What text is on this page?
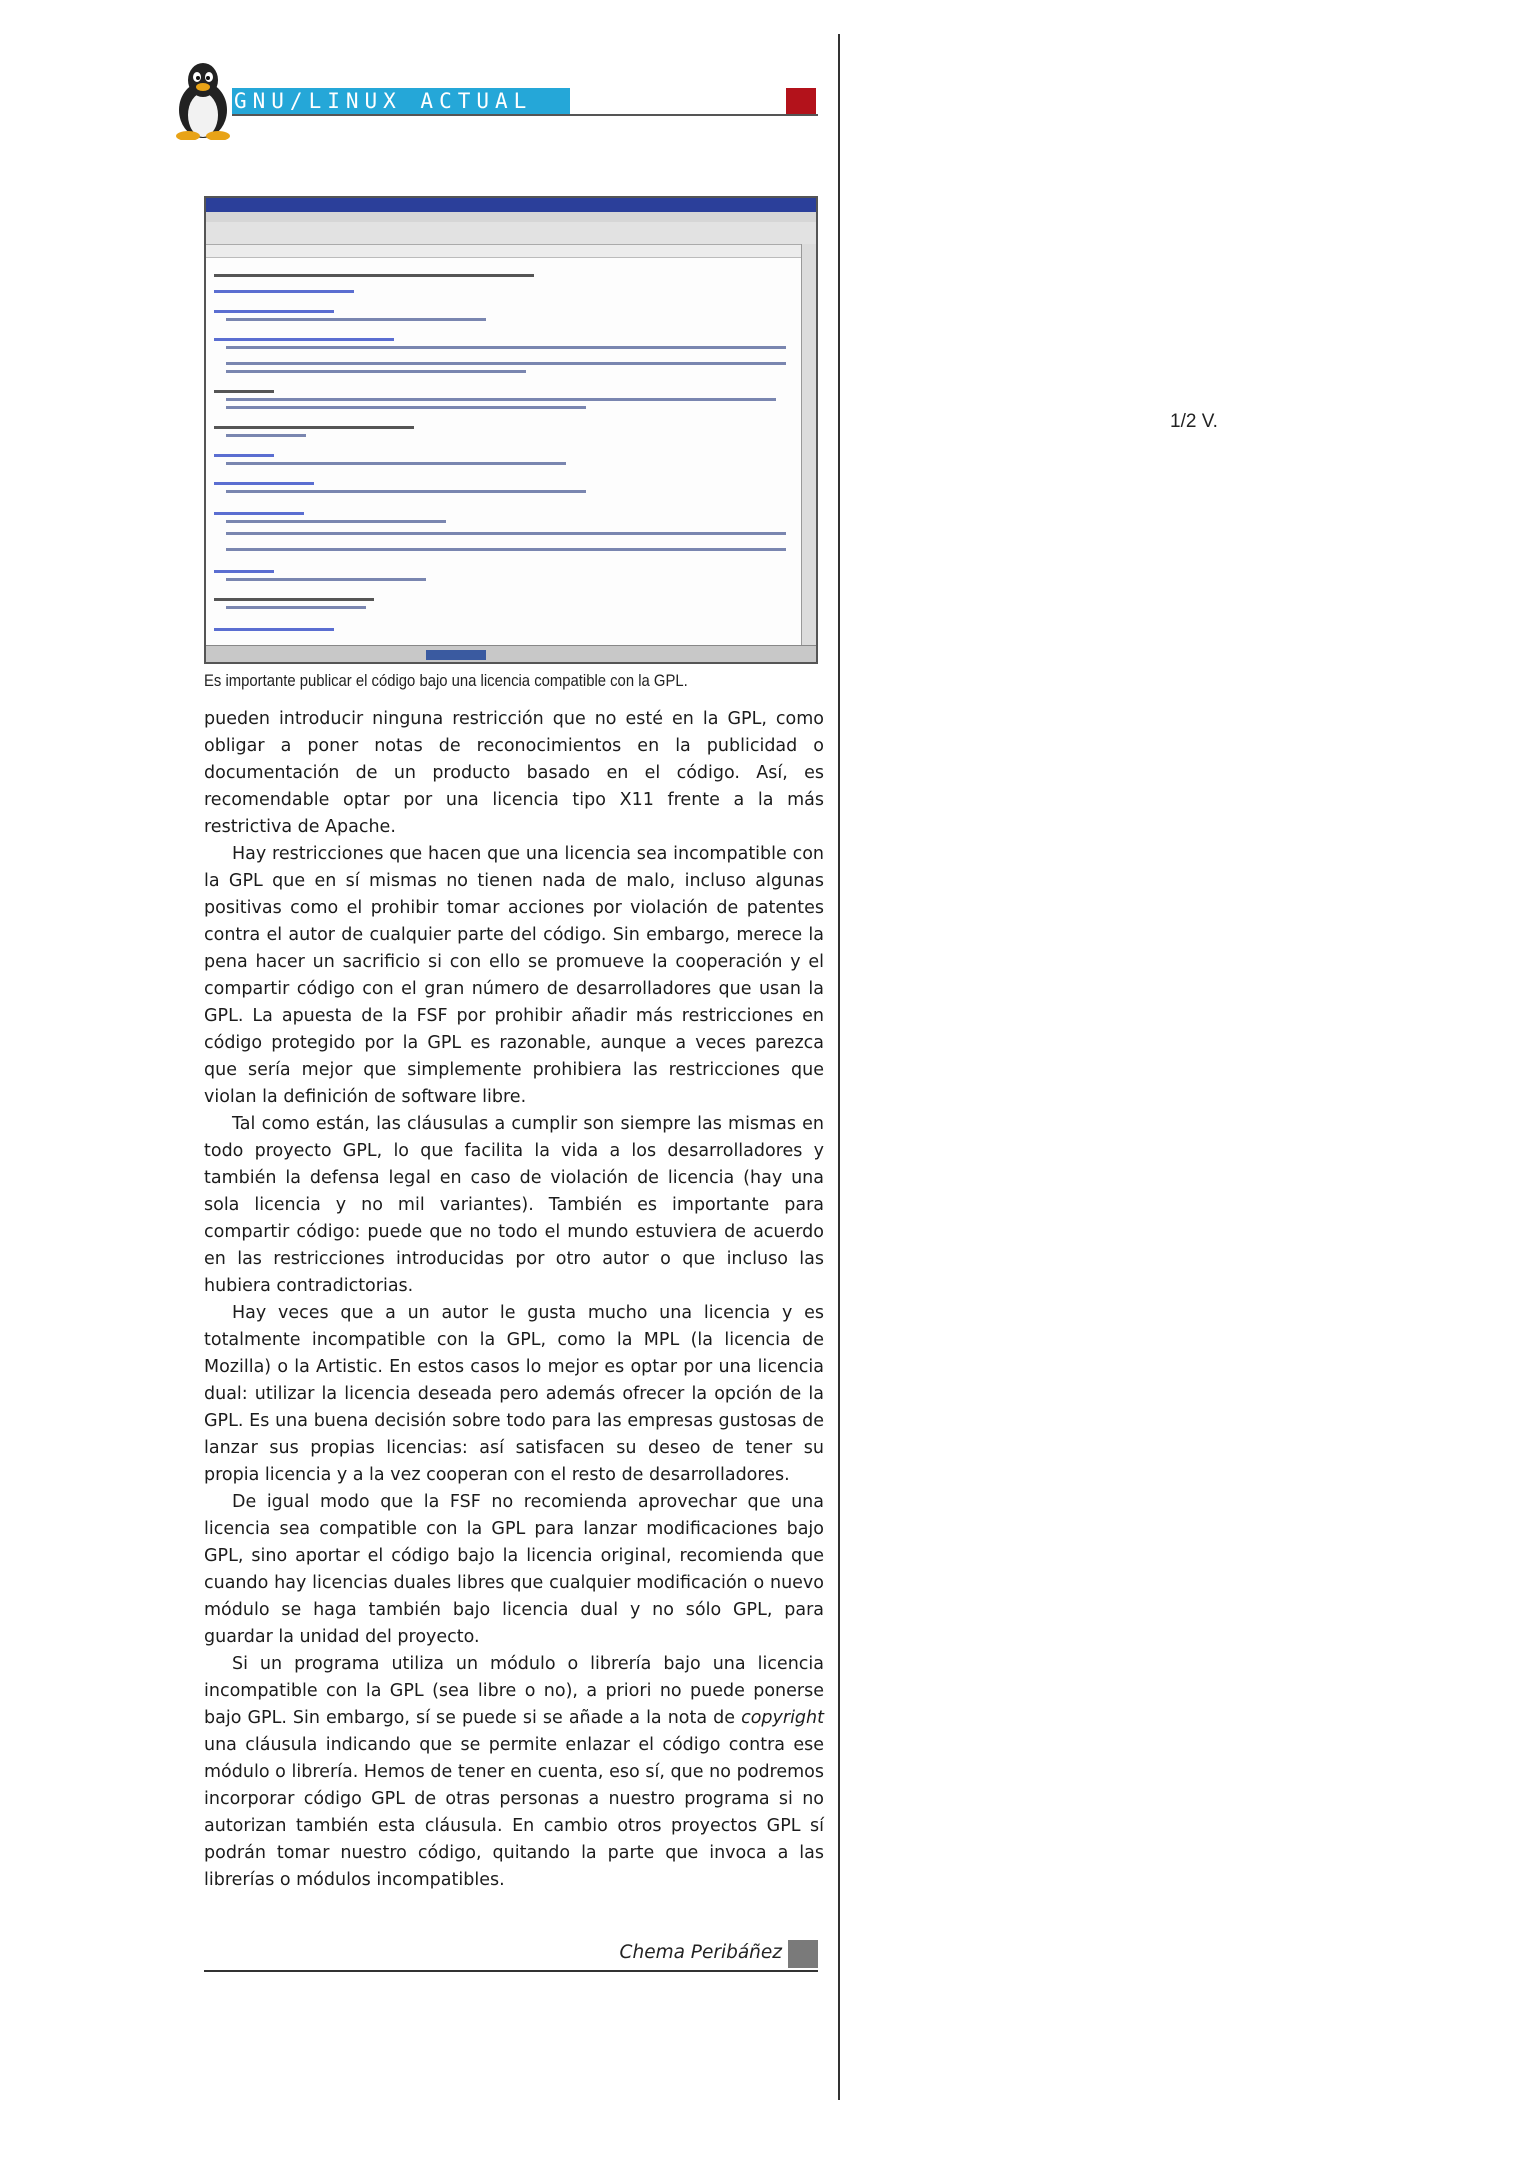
GNU/LINUX ACTUAL
1/2 V.
Es importante publicar el código bajo una licencia compatible con la GPL.

pueden introducir ninguna restricción que no esté en la GPL, como obligar a poner notas de reconocimientos en la publicidad o documentación de un producto basado en el código. Así, es recomendable optar por una licencia tipo X11 frente a la más restrictiva de Apache.

Hay restricciones que hacen que una licencia sea incompatible con la GPL que en sí mismas no tienen nada de malo, incluso algunas positivas como el prohibir tomar acciones por violación de patentes contra el autor de cualquier parte del código. Sin embargo, merece la pena hacer un sacrificio si con ello se promueve la cooperación y el compartir código con el gran número de desarrolladores que usan la GPL. La apuesta de la FSF por prohibir añadir más restricciones en código protegido por la GPL es razonable, aunque a veces parezca que sería mejor que simplemente prohibiera las restricciones que violan la definición de software libre.

Tal como están, las cláusulas a cumplir son siempre las mismas en todo proyecto GPL, lo que facilita la vida a los desarrolladores y también la defensa legal en caso de violación de licencia (hay una sola licencia y no mil variantes). También es importante para compartir código: puede que no todo el mundo estuviera de acuerdo en las restricciones introducidas por otro autor o que incluso las hubiera contradictorias.

Hay veces que a un autor le gusta mucho una licencia y es totalmente incompatible con la GPL, como la MPL (la licencia de Mozilla) o la Artistic. En estos casos lo mejor es optar por una licencia dual: utilizar la licencia deseada pero además ofrecer la opción de la GPL. Es una buena decisión sobre todo para las empresas gustosas de lanzar sus propias licencias: así satisfacen su deseo de tener su propia licencia y a la vez cooperan con el resto de desarrolladores.

De igual modo que la FSF no recomienda aprovechar que una licencia sea compatible con la GPL para lanzar modificaciones bajo GPL, sino aportar el código bajo la licencia original, recomienda que cuando hay licencias duales libres que cualquier modificación o nuevo módulo se haga también bajo licencia dual y no sólo GPL, para guardar la unidad del proyecto.

Si un programa utiliza un módulo o librería bajo una licencia incompatible con la GPL (sea libre o no), a priori no puede ponerse bajo GPL. Sin embargo, sí se puede si se añade a la nota de copyright una cláusula indicando que se permite enlazar el código contra ese módulo o librería. Hemos de tener en cuenta, eso sí, que no podremos incorporar código GPL de otras personas a nuestro programa si no autorizan también esta cláusula. En cambio otros proyectos GPL sí podrán tomar nuestro código, quitando la parte que invoca a las librerías o módulos incompatibles.

Chema Peribáñez
